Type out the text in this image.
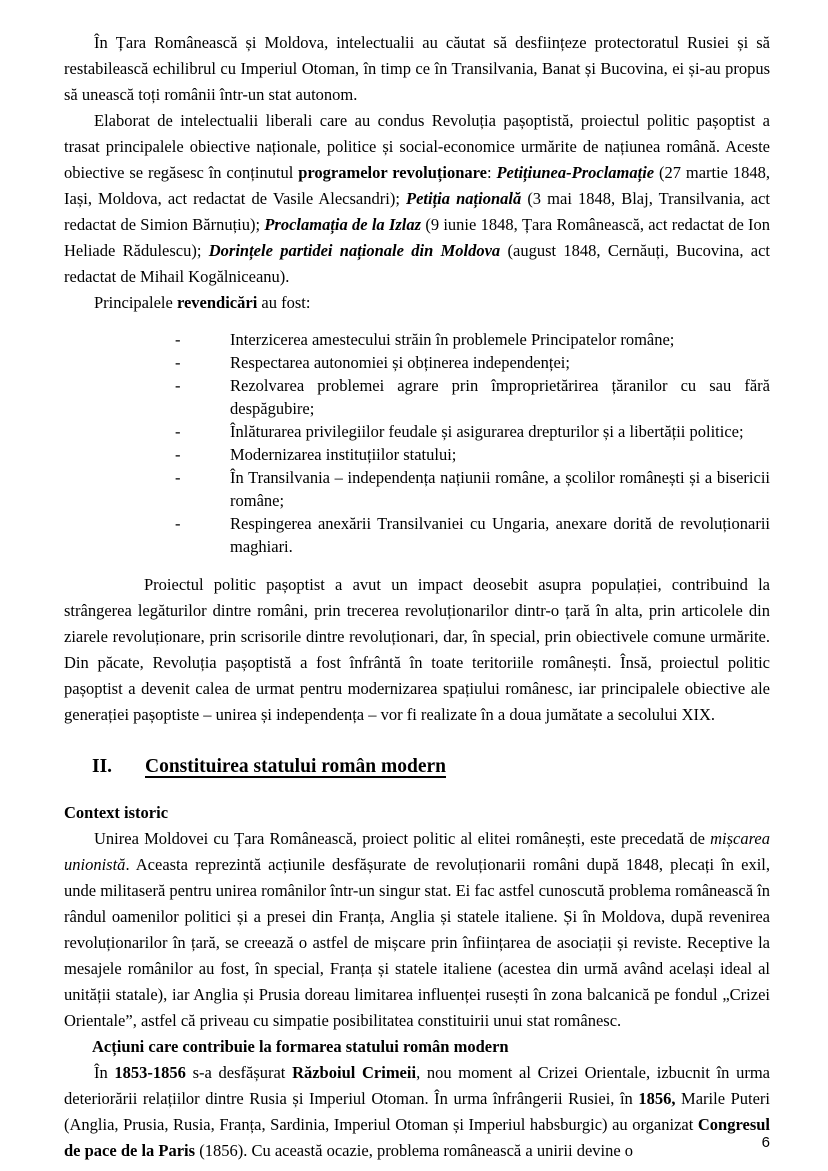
În Țara Românească și Moldova, intelectualii au căutat să desființeze protectoratul Rusiei și să restabilească echilibrul cu Imperiul Otoman, în timp ce în Transilvania, Banat și Bucovina, ei și-au propus să unească toți românii într-un stat autonom.

Elaborat de intelectualii liberali care au condus Revoluția pașoptistă, proiectul politic pașoptist a trasat principalele obiective naționale, politice și social-economice urmărite de națiunea română. Aceste obiective se regăsesc în conținutul programelor revoluționare: Petițiunea-Proclamație (27 martie 1848, Iași, Moldova, act redactat de Vasile Alecsandri); Petiția națională (3 mai 1848, Blaj, Transilvania, act redactat de Simion Bărnuțiu); Proclamația de la Izlaz (9 iunie 1848, Țara Românească, act redactat de Ion Heliade Rădulescu); Dorințele partidei naționale din Moldova (august 1848, Cernăuți, Bucovina, act redactat de Mihail Kogălniceanu).

Principalele revendicări au fost:

-	Interzicerea amestecului străin în problemele Principatelor române;
-	Respectarea autonomiei și obținerea independenței;
-	Rezolvarea problemei agrare prin împroprietărirea țăranilor cu sau fără despăgubire;
-	Înlăturarea privilegiilor feudale și asigurarea drepturilor și a libertății politice;
-	Modernizarea instituțiilor statului;
-	În Transilvania – independența națiunii române, a școlilor românești și a bisericii române;
-	Respingerea anexării Transilvaniei cu Ungaria, anexare dorită de revoluționarii maghiari.

Proiectul politic pașoptist a avut un impact deosebit asupra populației, contribuind la strângerea legăturilor dintre români, prin trecerea revoluționarilor dintr-o țară în alta, prin articolele din ziarele revoluționare, prin scrisorile dintre revoluționari, dar, în special, prin obiectivele comune urmărite. Din păcate, Revoluția pașoptistă a fost înfrântă în toate teritoriile românești. Însă, proiectul politic pașoptist a devenit calea de urmat pentru modernizarea spațiului românesc, iar principalele obiective ale generației pașoptiste – unirea și independența – vor fi realizate în a doua jumătate a secolului XIX.

II.	Constituirea statului român modern

Context istoric

Unirea Moldovei cu Țara Românească, proiect politic al elitei românești, este precedată de mișcarea unionistă. Aceasta reprezintă acțiunile desfășurate de revoluționarii români după 1848, plecați în exil, unde militaseră pentru unirea românilor într-un singur stat. Ei fac astfel cunoscută problema românească în rândul oamenilor politici și a presei din Franța, Anglia și statele italiene. Și în Moldova, după revenirea revoluționarilor în țară, se creează o astfel de mișcare prin înființarea de asociații și reviste. Receptive la mesajele românilor au fost, în special, Franța și statele italiene (acestea din urmă având același ideal al unității statale), iar Anglia și Prusia doreau limitarea influenței rusești în zona balcanică pe fondul „Crizei Orientale”, astfel că priveau cu simpatie posibilitatea constituirii unui stat românesc.

Acțiuni care contribuie la formarea statului român modern

În 1853-1856 s-a desfășurat Războiul Crimeii, nou moment al Crizei Orientale, izbucnit în urma deteriorării relațiilor dintre Rusia și Imperiul Otoman. În urma înfrângerii Rusiei, în 1856, Marile Puteri (Anglia, Prusia, Rusia, Franța, Sardinia, Imperiul Otoman și Imperiul habsburgic) au organizat Congresul de pace de la Paris (1856). Cu această ocazie, problema românească a unirii devine o	6
